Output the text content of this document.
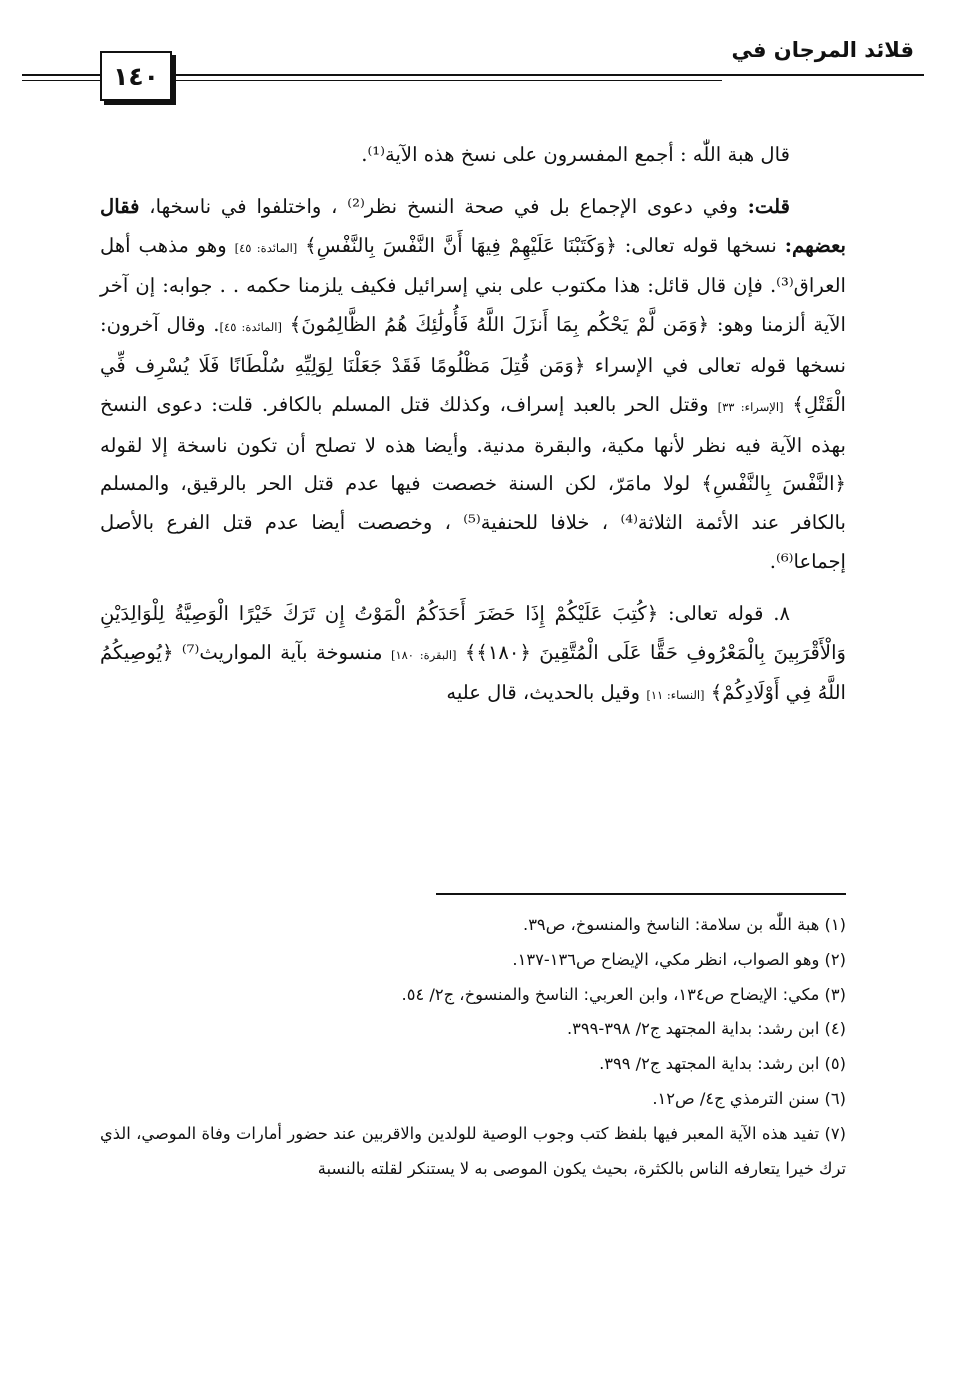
قلائد المرجان في
١٤٠

قال هبة اللّٰه : أجمع المفسرون على نسخ هذه الآية⁽¹⁾.

قلت: وفي دعوى الإجماع بل في صحة النسخ نظر⁽²⁾ ، واختلفوا في ناسخها، فقال بعضهم: نسخها قوله تعالى: ﴿وَكَتَبْنَا عَلَيْهِمْ فِيهَا أَنَّ النَّفْسَ بِالنَّفْسِ﴾ [المائدة: ٤٥] وهو مذهب أهل العراق⁽³⁾. فإن قال قائل: هذا مكتوب على بني إسرائيل فكيف يلزمنا حكمه . . جوابه: إن آخر الآية ألزمنا وهو: ﴿وَمَن لَّمْ يَحْكُم بِمَا أَنزَلَ اللَّهُ فَأُولَٰئِكَ هُمُ الظَّالِمُونَ﴾ [المائدة: ٤٥]. وقال آخرون: نسخها قوله تعالى في الإسراء ﴿وَمَن قُتِلَ مَظْلُومًا فَقَدْ جَعَلْنَا لِوَلِيِّهِ سُلْطَانًا فَلَا يُسْرِف فِّي الْقَتْلِ﴾ [الإسراء: ٣٣] وقتل الحر بالعبد إسراف، وكذلك قتل المسلم بالكافر. قلت: دعوى النسخ بهذه الآية فيه نظر لأنها مكية، والبقرة مدنية. وأيضا هذه لا تصلح أن تكون ناسخة إلا لقوله ﴿النَّفْسَ بِالنَّفْسِ﴾ لولا مامَرّ، لكن السنة خصصت فيها عدم قتل الحر بالرقيق، والمسلم بالكافر عند الأئمة الثلاثة⁽⁴⁾ ، خلافا للحنفية⁽⁵⁾ ، وخصصت أيضا عدم قتل الفرع بالأصل إجماعا⁽⁶⁾.

٨. قوله تعالى: ﴿كُتِبَ عَلَيْكُمْ إِذَا حَضَرَ أَحَدَكُمُ الْمَوْتُ إِن تَرَكَ خَيْرًا الْوَصِيَّةُ لِلْوَالِدَيْنِ وَالْأَقْرَبِينَ بِالْمَعْرُوفِ حَقًّا عَلَى الْمُتَّقِينَ ﴿١٨٠﴾﴾ [البقرة: ١٨٠] منسوخة بآية المواريث⁽⁷⁾ ﴿يُوصِيكُمُ اللَّهُ فِي أَوْلَادِكُمْ﴾ [النساء: ١١] وقيل بالحديث، قال عليه

(١) هبة اللّٰه بن سلامة: الناسخ والمنسوخ، ص٣٩.
(٢) وهو الصواب، انظر مكي، الإيضاح ص١٣٦-١٣٧.
(٣) مكي: الإيضاح ص١٣٤، وابن العربي: الناسخ والمنسوخ، ج٢/ ٥٤.
(٤) ابن رشد: بداية المجتهد ج٢/ ٣٩٨-٣٩٩.
(٥) ابن رشد: بداية المجتهد ج٢/ ٣٩٩.
(٦) سنن الترمذي ج٤/ ص١٢.
(٧) تفيد هذه الآية المعبر فيها بلفظ كتب وجوب الوصية للولدين والاقربين عند حضور أمارات وفاة الموصي، الذي ترك خيرا يتعارفه الناس بالكثرة، بحيث يكون الموصى به لا يستنكر لقلته بالنسبة
